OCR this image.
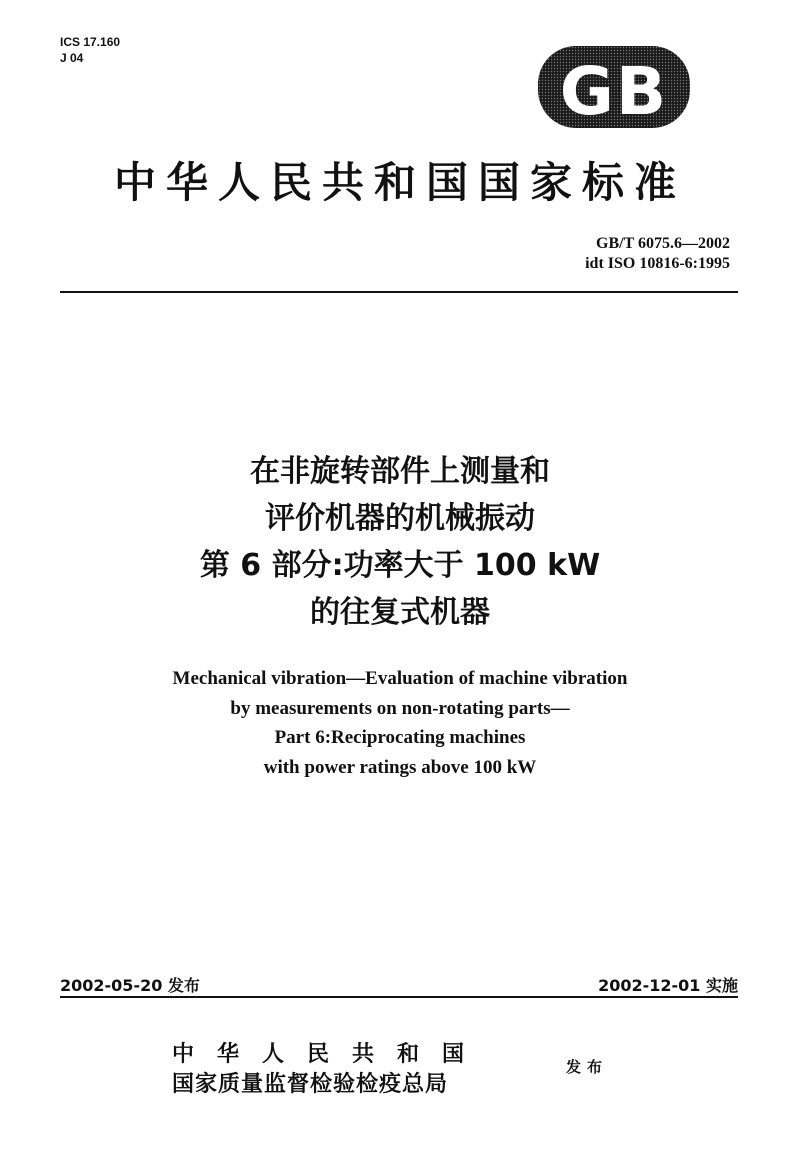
ICS 17.160
J 04	GB
中华人民共和国国家标准
GB/T 6075.6—2002
idt ISO 10816-6:1995
在非旋转部件上测量和
评价机器的机械振动
第 6 部分:功率大于 100 kW
的往复式机器
Mechanical vibration—Evaluation of machine vibration
by measurements on non-rotating parts—
Part 6:Reciprocating machines
with power ratings above 100 kW
2002-05-20 发布	2002-12-01 实施
中华人民共和国
国家质量监督检验检疫总局
发布
